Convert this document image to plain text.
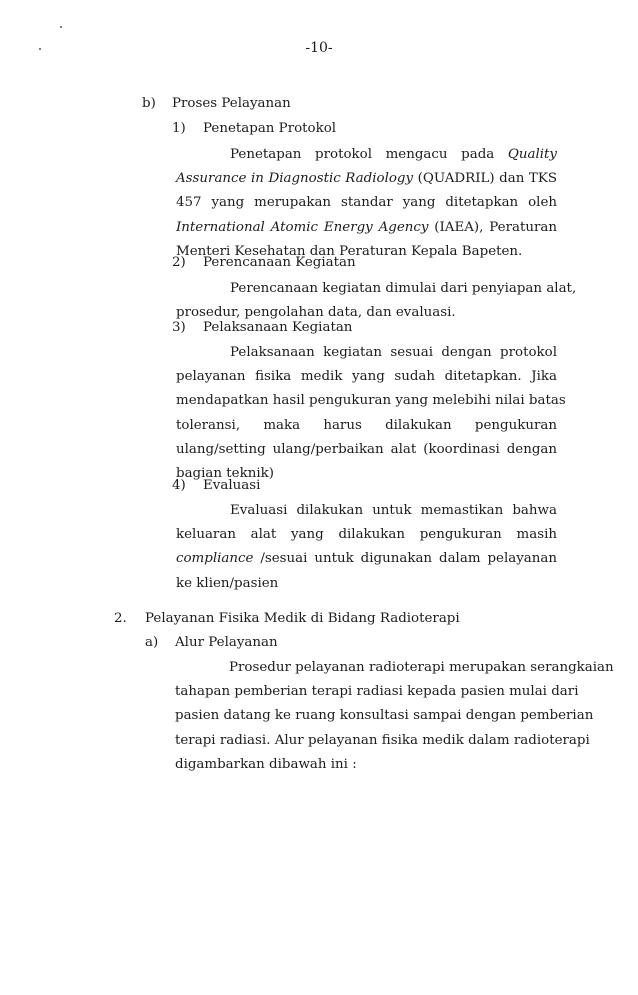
-10-
b) Proses Pelayanan
1) Penetapan Protokol
Penetapan protokol mengacu pada Quality
Assurance in Diagnostic Radiology (QUADRIL) dan TKS
457 yang merupakan standar yang ditetapkan oleh
International Atomic Energy Agency (IAEA), Peraturan
Menteri Kesehatan dan Peraturan Kepala Bapeten.
2) Perencanaan Kegiatan
Perencanaan kegiatan dimulai dari penyiapan alat,
prosedur, pengolahan data, dan evaluasi.
3) Pelaksanaan Kegiatan
Pelaksanaan kegiatan sesuai dengan protokol
pelayanan fisika medik yang sudah ditetapkan. Jika
mendapatkan hasil pengukuran yang melebihi nilai batas
toleransi, maka harus dilakukan pengukuran
ulang/setting ulang/perbaikan alat (koordinasi dengan
bagian teknik)
4) Evaluasi
Evaluasi dilakukan untuk memastikan bahwa
keluaran alat yang dilakukan pengukuran masih
compliance /sesuai untuk digunakan dalam pelayanan
ke klien/pasien
2. Pelayanan Fisika Medik di Bidang Radioterapi
a) Alur Pelayanan
Prosedur pelayanan radioterapi merupakan serangkaian
tahapan pemberian terapi radiasi kepada pasien mulai dari
pasien datang ke ruang konsultasi sampai dengan pemberian
terapi radiasi. Alur pelayanan fisika medik dalam radioterapi
digambarkan dibawah ini :
